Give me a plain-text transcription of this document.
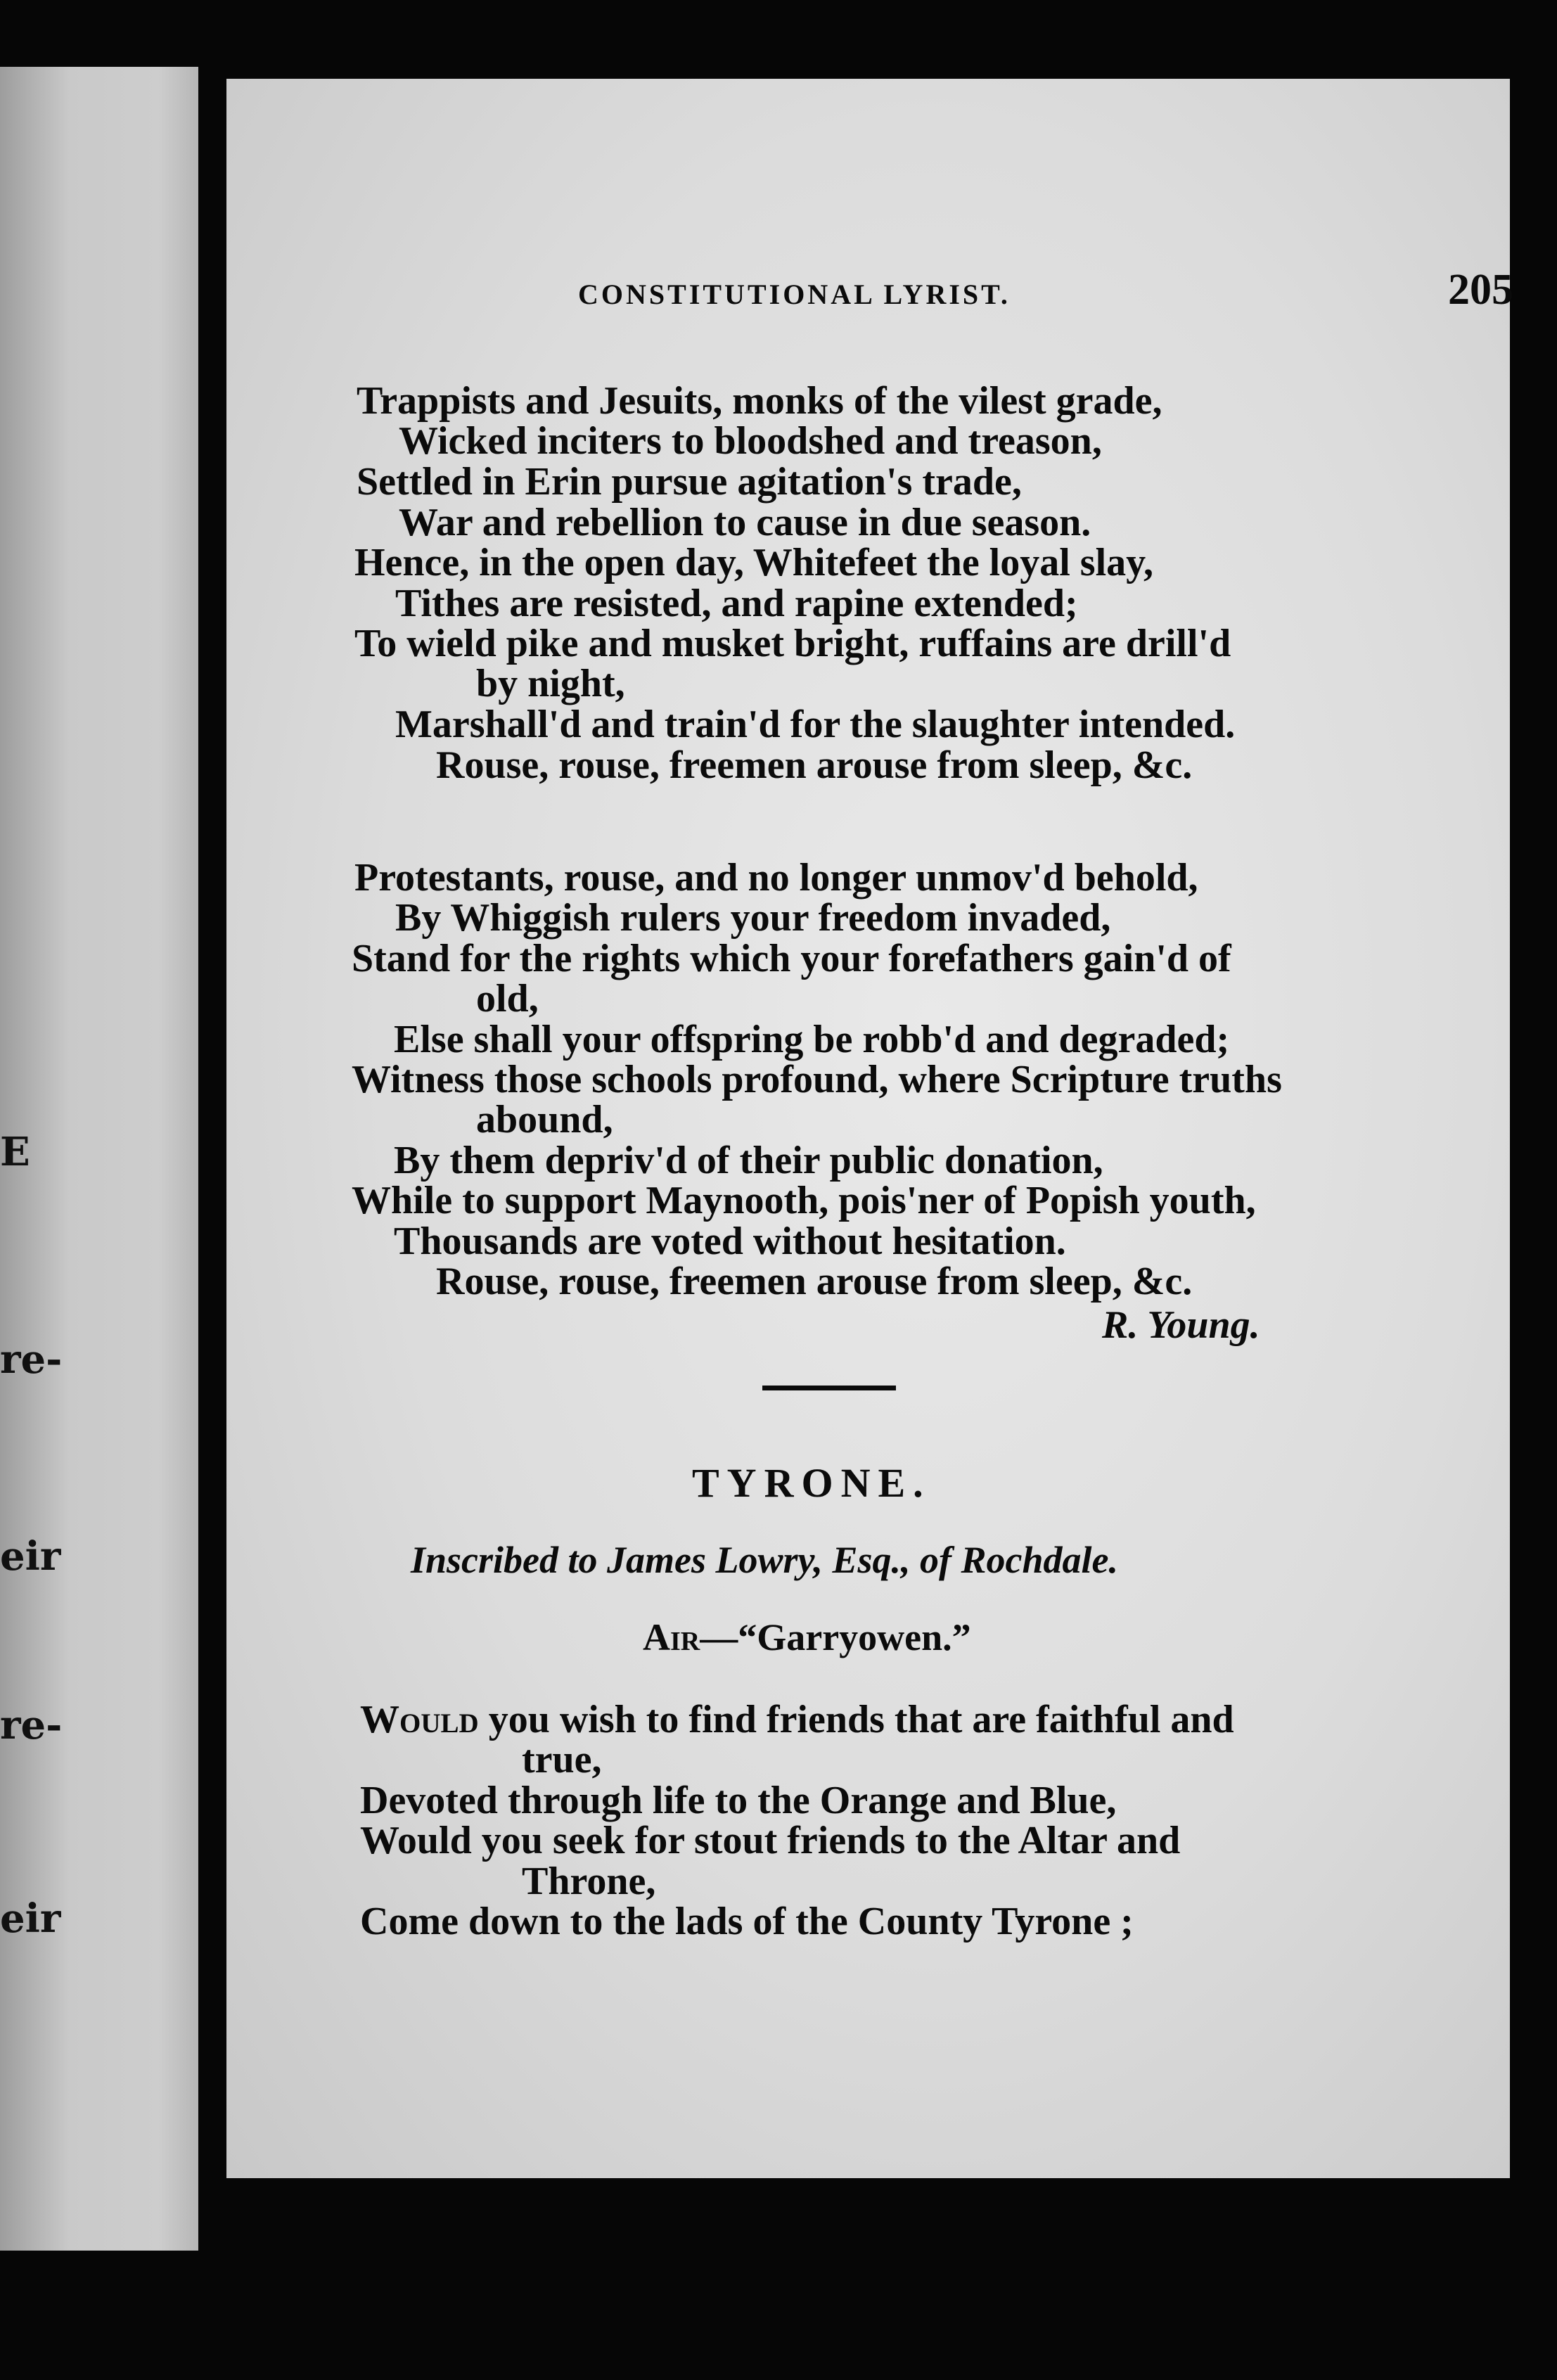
E
re-
eir
re-
eir
CONSTITUTIONAL LYRIST.	205
Trappists and Jesuits, monks of the vilest grade,
Wicked inciters to bloodshed and treason,
Settled in Erin pursue agitation's trade,
War and rebellion to cause in due season.
Hence, in the open day, Whitefeet the loyal slay,
Tithes are resisted, and rapine extended;
To wield pike and musket bright, ruffains are drill'd
by night,
Marshall'd and train'd for the slaughter intended.
Rouse, rouse, freemen arouse from sleep, &c.
Protestants, rouse, and no longer unmov'd behold,
By Whiggish rulers your freedom invaded,
Stand for the rights which your forefathers gain'd of
old,
Else shall your offspring be robb'd and degraded;
Witness those schools profound, where Scripture truths
abound,
By them depriv'd of their public donation,
While to support Maynooth, pois'ner of Popish youth,
Thousands are voted without hesitation.
Rouse, rouse, freemen arouse from sleep, &c.
R. Young.
TYRONE.
Inscribed to James Lowry, Esq., of Rochdale.
Air—“Garryowen.”
Would you wish to find friends that are faithful and
true,
Devoted through life to the Orange and Blue,
Would you seek for stout friends to the Altar and
Throne,
Come down to the lads of the County Tyrone ;
